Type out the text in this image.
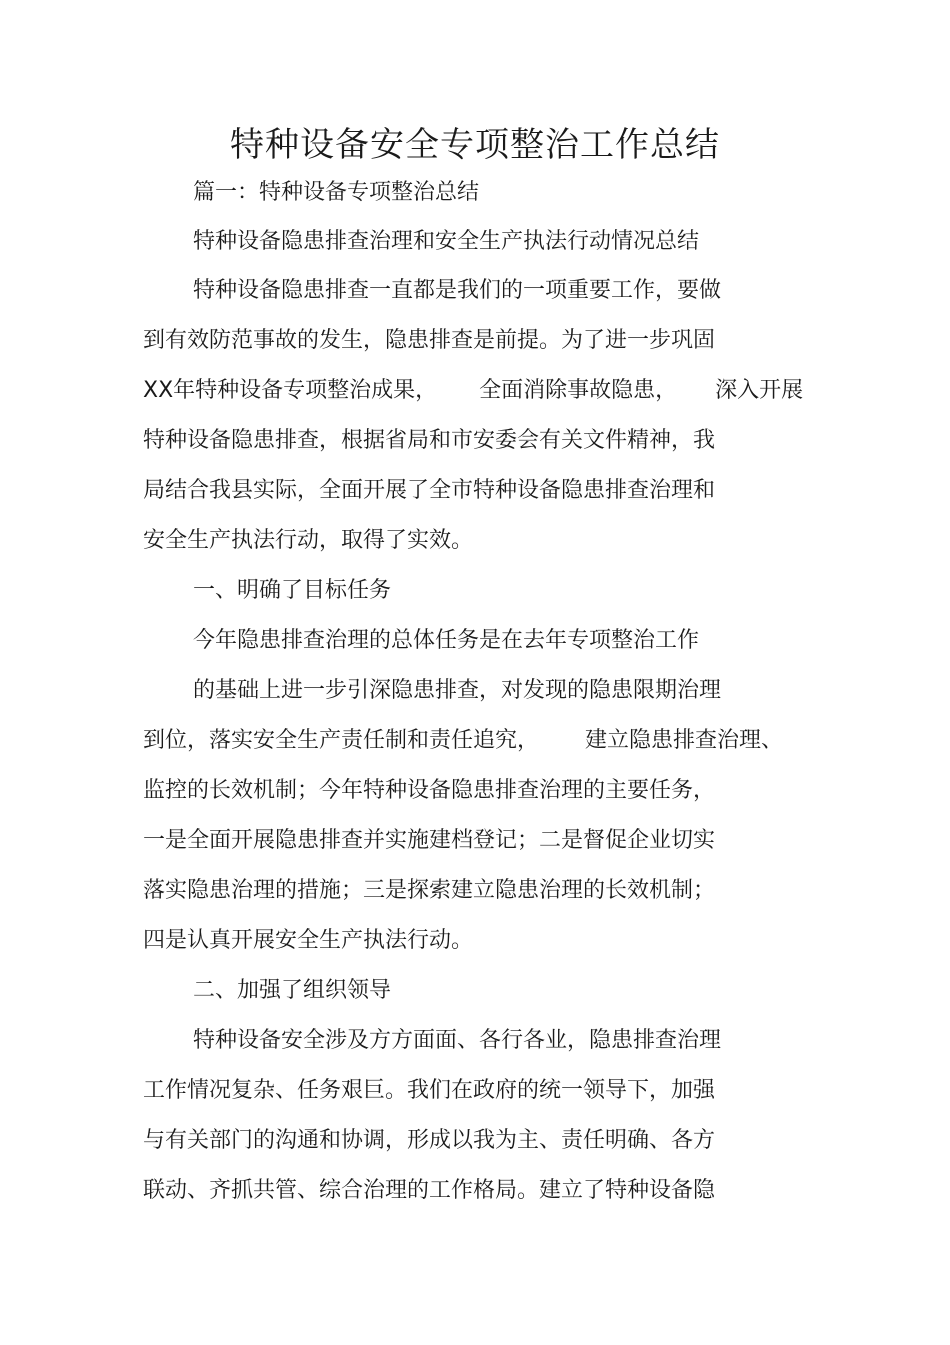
特种设备安全专项整治工作总结
篇一：特种设备专项整治总结
特种设备隐患排查治理和安全生产执法行动情况总结
特种设备隐患排查一直都是我们的一项重要工作，要做
到有效防范事故的发生，隐患排查是前提。为了进一步巩固
XX年特种设备专项整治成果， 全面消除事故隐患， 深入开展
特种设备隐患排查，根据省局和市安委会有关文件精神，我
局结合我县实际，全面开展了全市特种设备隐患排查治理和
安全生产执法行动，取得了实效。
一、明确了目标任务
今年隐患排查治理的总体任务是在去年专项整治工作
的基础上进一步引深隐患排查，对发现的隐患限期治理
到位，落实安全生产责任制和责任追究， 建立隐患排查治理、
监控的长效机制；今年特种设备隐患排查治理的主要任务，
一是全面开展隐患排查并实施建档登记；二是督促企业切实
落实隐患治理的措施；三是探索建立隐患治理的长效机制；
四是认真开展安全生产执法行动。
二、加强了组织领导
特种设备安全涉及方方面面、各行各业，隐患排查治理
工作情况复杂、任务艰巨。我们在政府的统一领导下，加强
与有关部门的沟通和协调，形成以我为主、责任明确、各方
联动、齐抓共管、综合治理的工作格局。建立了特种设备隐
